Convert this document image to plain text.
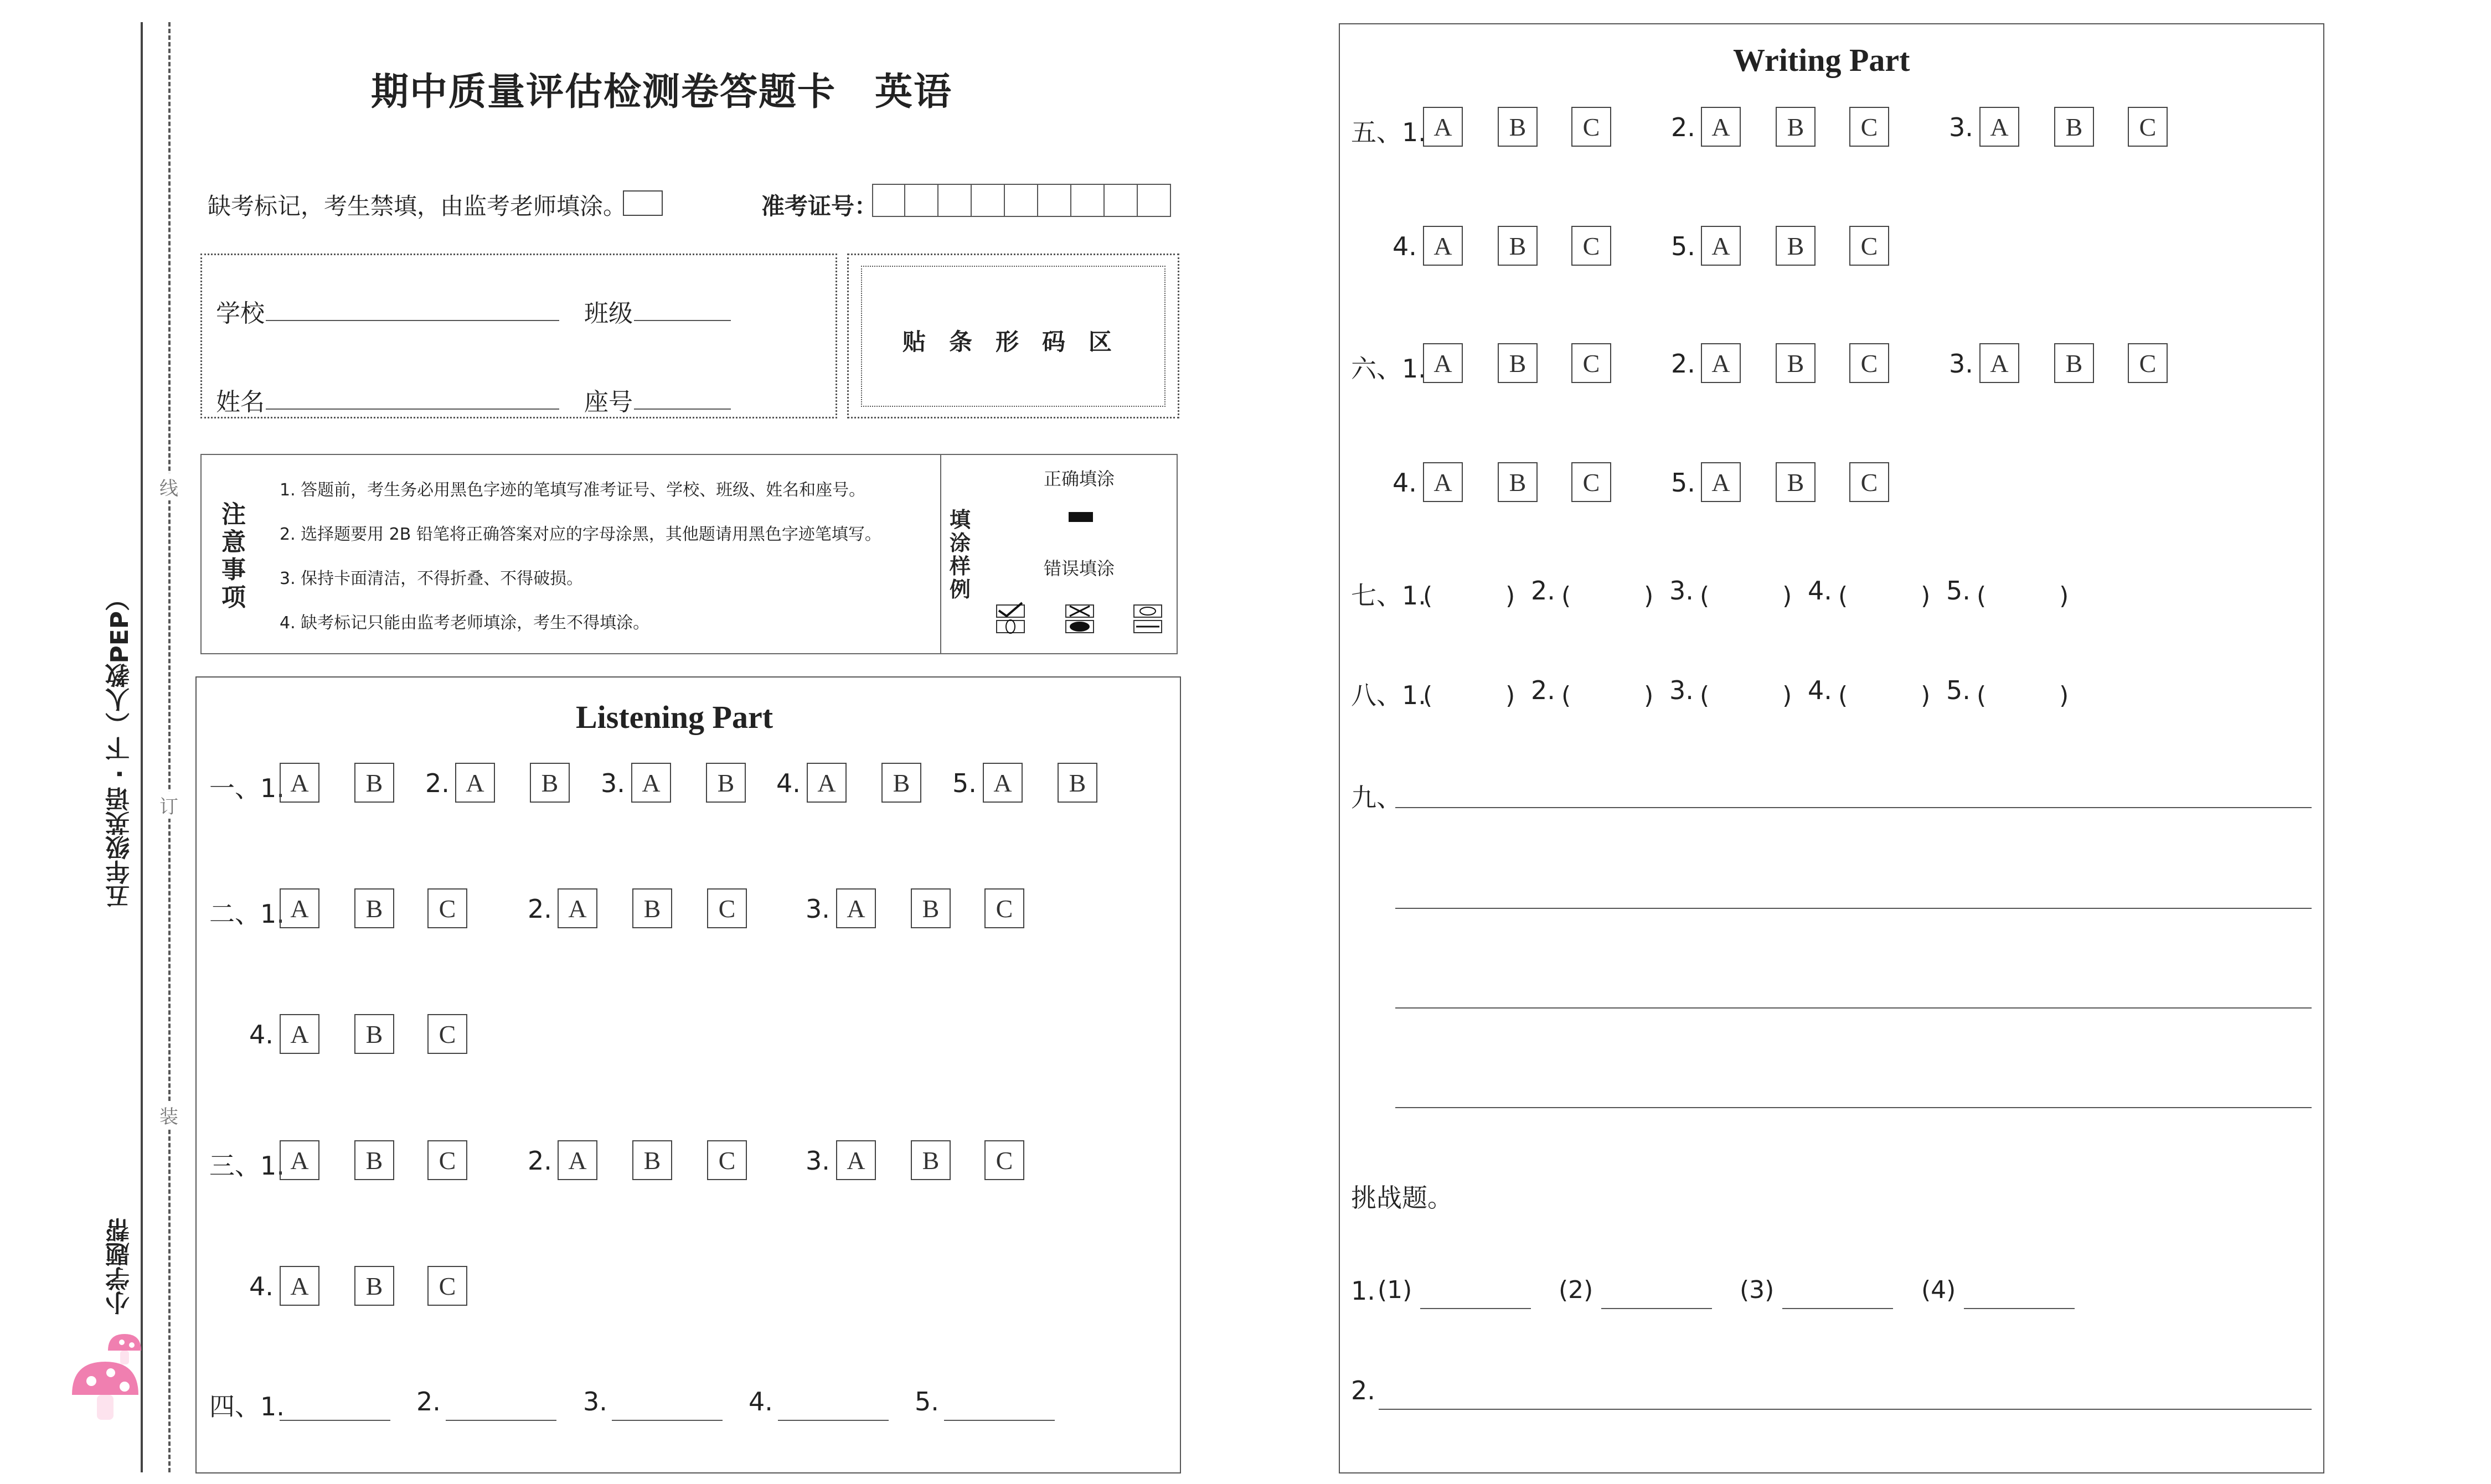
五年级英语 · 下（人教PEP）
小学题帮
线
订
装
期中质量评估检测卷答题卡　英语
缺考标记，考生禁填，由监考老师填涂。	准考证号：
学校	班级
姓名	座号
贴　条　形　码　区
注
意
事
项
1. 答题前，考生务必用黑色字迹的笔填写准考证号、学校、班级、姓名和座号。
2. 选择题要用 2B 铅笔将正确答案对应的字母涂黑，其他题请用黑色字迹笔填写。
3. 保持卡面清洁，不得折叠、不得破损。
4. 缺考标记只能由监考老师填涂，考生不得填涂。
填
涂
样
例
正确填涂
错误填涂
Listening Part
一、1. A	B	2. A	B	3. A	B	4. A	B	5. A	B
二、1. A	B	C	2. A	B	C	3. A	B	C
4. A	B	C
三、1. A	B	C	2. A	B	C	3. A	B	C
4. A	B	C
四、1.	2.	3.	4.	5.
Writing Part
五、1. A	B	C	2. A	B	C	3. A	B	C
4. A	B	C	5. A	B	C
六、1. A	B	C	2. A	B	C	3. A	B	C
4. A	B	C	5. A	B	C
七、1.
(　　　) 2. (　　　) 3. (　　　) 4. (　　　) 5. (　　　)
八、1.
(　　　) 2. (　　　) 3. (　　　) 4. (　　　) 5. (　　　)
九、
挑战题。
1. (1)	(2)	(3)	(4)
2.
